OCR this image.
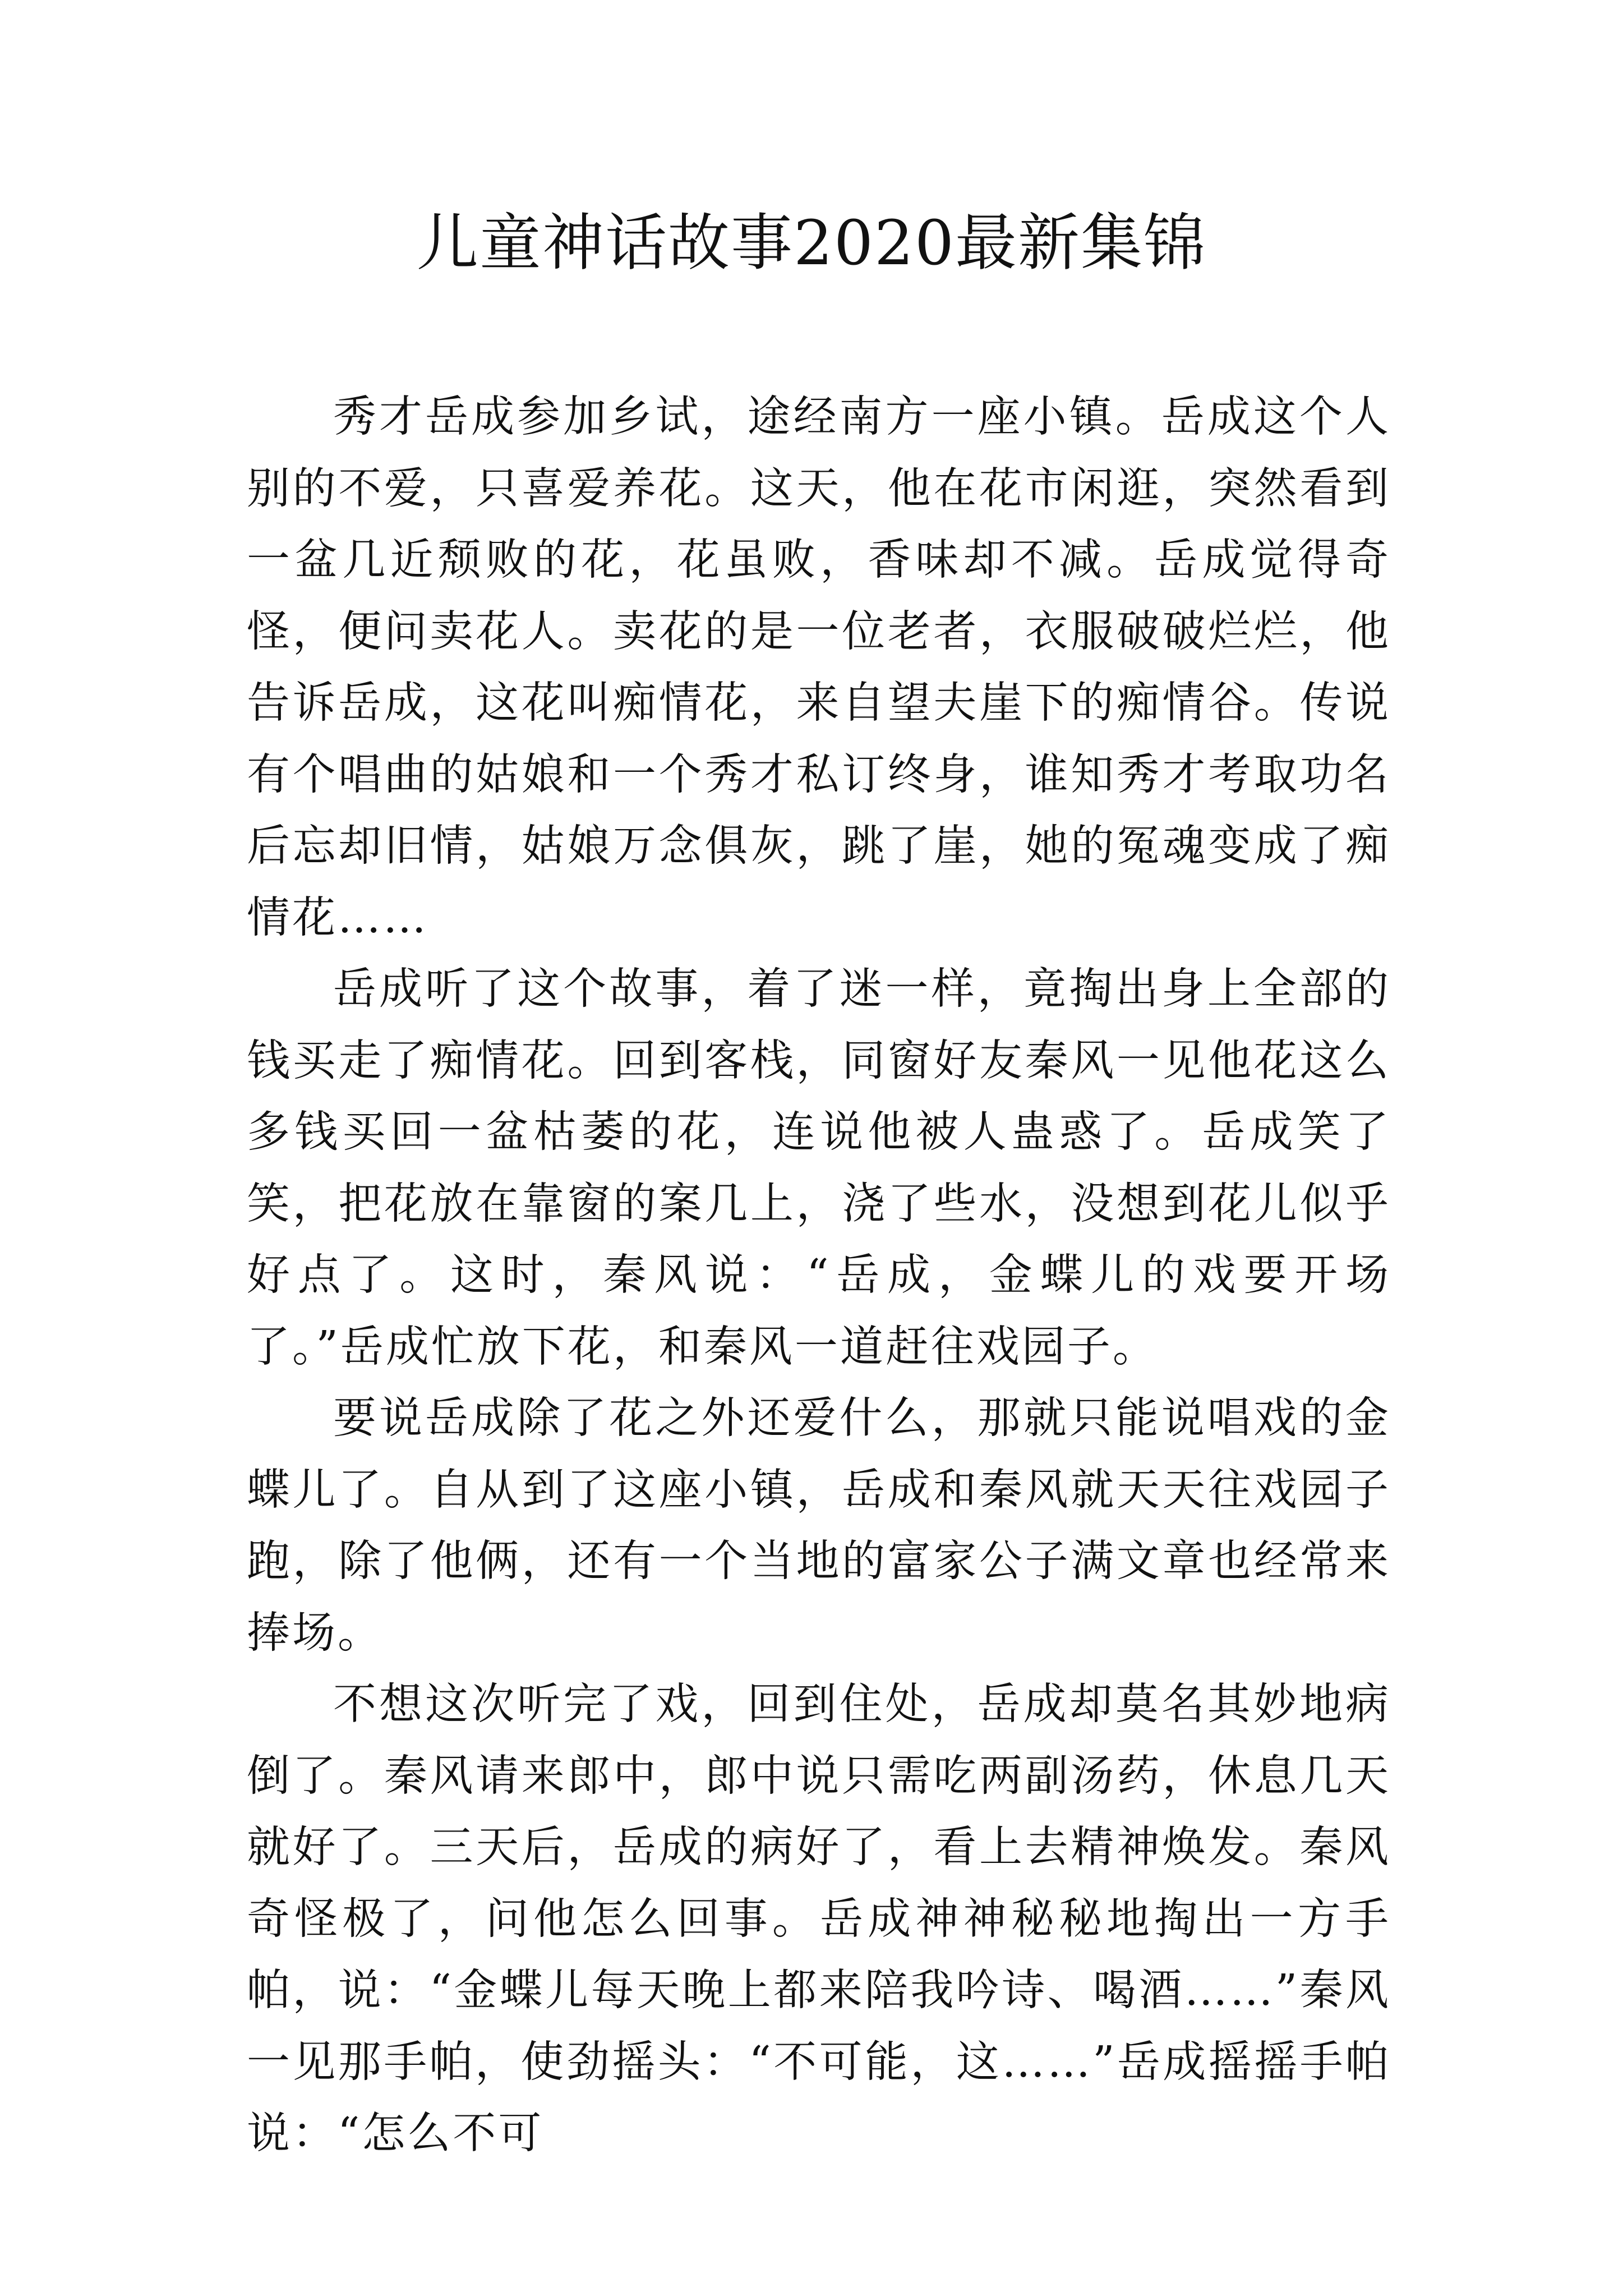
儿童神话故事2020最新集锦

秀才岳成参加乡试，途经南方一座小镇。岳成这个人别的不爱，只喜爱养花。这天，他在花市闲逛，突然看到一盆几近颓败的花，花虽败，香味却不减。岳成觉得奇怪，便问卖花人。卖花的是一位老者，衣服破破烂烂，他告诉岳成，这花叫痴情花，来自望夫崖下的痴情谷。传说有个唱曲的姑娘和一个秀才私订终身，谁知秀才考取功名后忘却旧情，姑娘万念俱灰，跳了崖，她的冤魂变成了痴情花……

岳成听了这个故事，着了迷一样，竟掏出身上全部的钱买走了痴情花。回到客栈，同窗好友秦风一见他花这么多钱买回一盆枯萎的花，连说他被人蛊惑了。岳成笑了笑，把花放在靠窗的案几上，浇了些水，没想到花儿似乎好点了。这时，秦风说：“岳成，金蝶儿的戏要开场了。”岳成忙放下花，和秦风一道赶往戏园子。

要说岳成除了花之外还爱什么，那就只能说唱戏的金蝶儿了。自从到了这座小镇，岳成和秦风就天天往戏园子跑，除了他俩，还有一个当地的富家公子满文章也经常来捧场。

不想这次听完了戏，回到住处，岳成却莫名其妙地病倒了。秦风请来郎中，郎中说只需吃两副汤药，休息几天就好了。三天后，岳成的病好了，看上去精神焕发。秦风奇怪极了，问他怎么回事。岳成神神秘秘地掏出一方手帕，说：“金蝶儿每天晚上都来陪我吟诗、喝酒……”秦风一见那手帕，使劲摇头：“不可能，这……”岳成摇摇手帕说：“怎么不可
